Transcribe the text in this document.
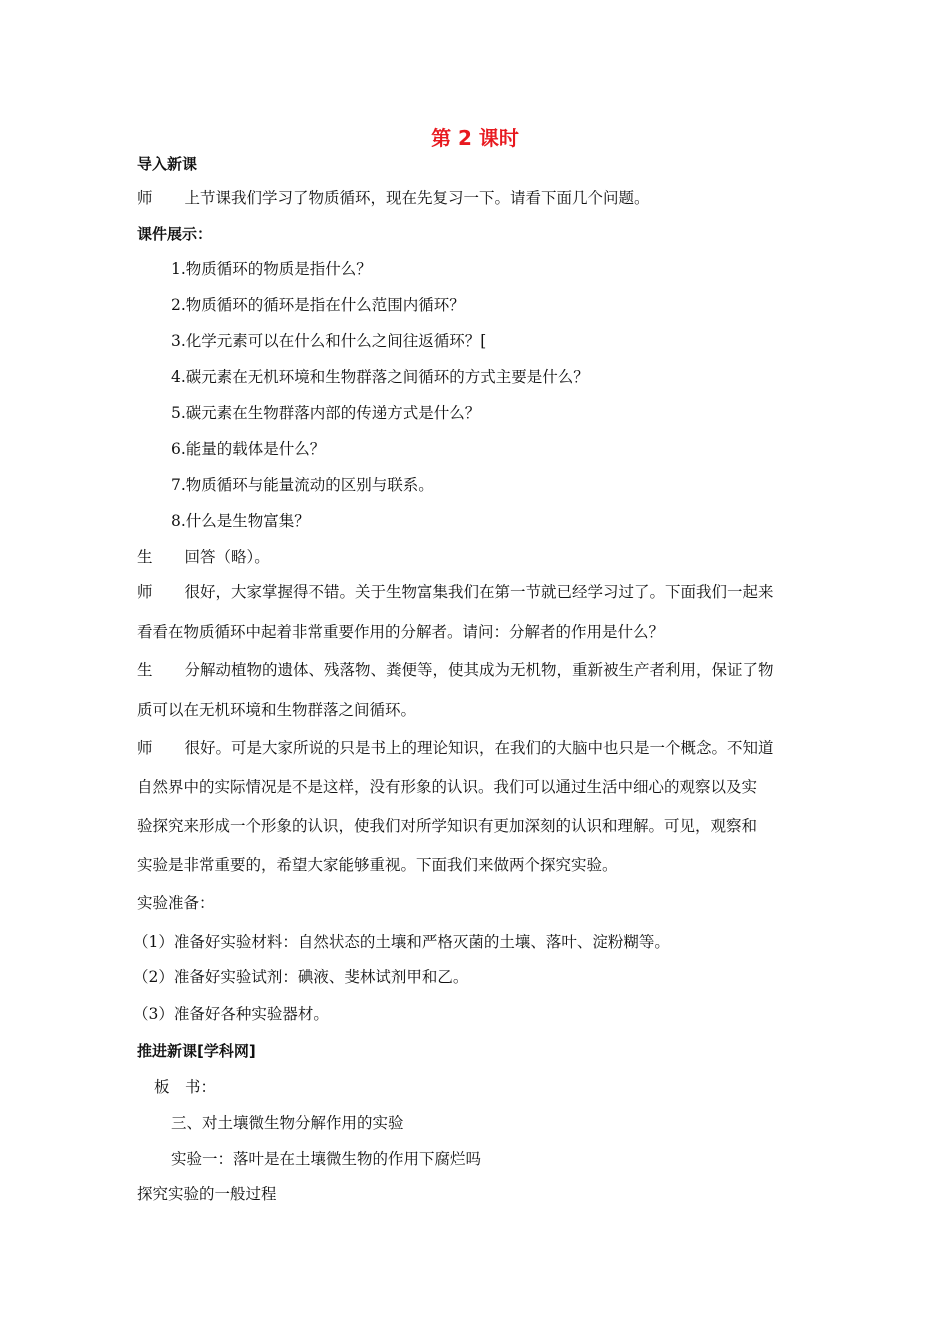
第 2 课时
导入新课
师 上节课我们学习了物质循环，现在先复习一下。请看下面几个问题。
课件展示：
1.物质循环的物质是指什么？
2.物质循环的循环是指在什么范围内循环？
3.化学元素可以在什么和什么之间往返循环？[
4.碳元素在无机环境和生物群落之间循环的方式主要是什么？
5.碳元素在生物群落内部的传递方式是什么？
6.能量的载体是什么？
7.物质循环与能量流动的区别与联系。
8.什么是生物富集？
生 回答（略）。
师 很好，大家掌握得不错。关于生物富集我们在第一节就已经学习过了。下面我们一起来
看看在物质循环中起着非常重要作用的分解者。请问：分解者的作用是什么？
生 分解动植物的遗体、残落物、粪便等，使其成为无机物，重新被生产者利用，保证了物
质可以在无机环境和生物群落之间循环。
师 很好。可是大家所说的只是书上的理论知识，在我们的大脑中也只是一个概念。不知道
自然界中的实际情况是不是这样，没有形象的认识。我们可以通过生活中细心的观察以及实
验探究来形成一个形象的认识，使我们对所学知识有更加深刻的认识和理解。可见，观察和
实验是非常重要的，希望大家能够重视。下面我们来做两个探究实验。
实验准备：
（1）准备好实验材料：自然状态的土壤和严格灭菌的土壤、落叶、淀粉糊等。
（2）准备好实验试剂：碘液、斐林试剂甲和乙。
（3）准备好各种实验器材。
推进新课[学科网]
板　书：
三、对土壤微生物分解作用的实验
实验一：落叶是在土壤微生物的作用下腐烂吗
探究实验的一般过程
